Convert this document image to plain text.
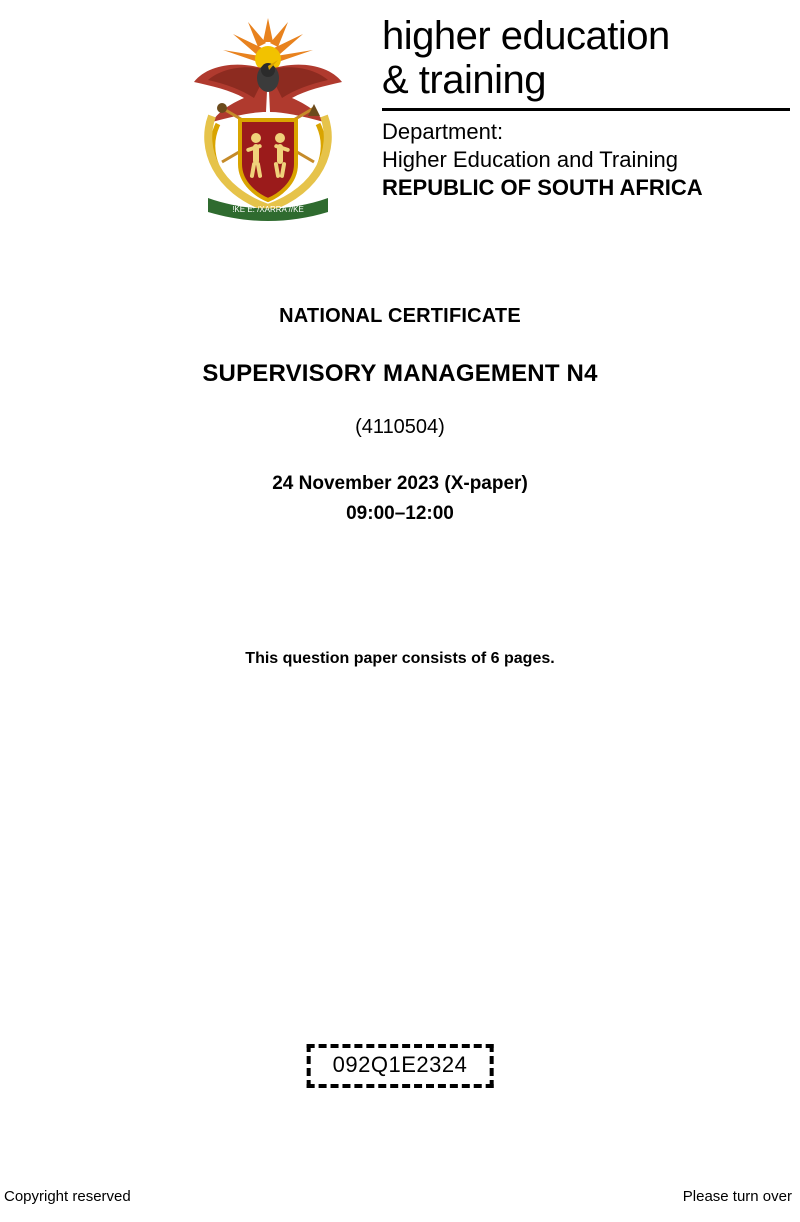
!KE E: /XARRA //KE
higher education
& training
Department:
Higher Education and Training
REPUBLIC OF SOUTH AFRICA
NATIONAL CERTIFICATE
SUPERVISORY MANAGEMENT N4
(4110504)
24 November 2023 (X-paper)
09:00–12:00
This question paper consists of 6 pages.
092Q1E2324
Copyright reserved	Please turn over
